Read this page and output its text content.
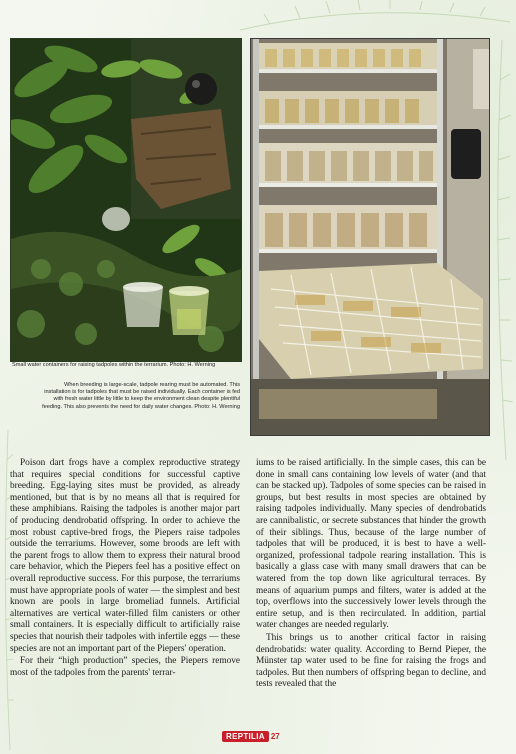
Small water containers for raising tadpoles within the terrarium. Photo: H. Werning
When breeding is large-scale, tadpole rearing must be automated. This installation is for tadpoles that must be raised individually. Each container is fed with fresh water little by little to keep the environment clean despite plentiful feeding. This also prevents the need for daily water changes. Photo: H. Werning

Poison dart frogs have a complex reproductive strategy that requires special conditions for successful captive breeding. Egg-laying sites must be provided, as already mentioned, but that is by no means all that is required for these amphibians. Raising the tadpoles is another major part of producing dendrobatid offspring. In order to achieve the most robust captive-bred frogs, the Piepers raise tadpoles outside the terrariums. However, some broods are left with the parent frogs to allow them to express their natural brood care behavior, which the Piepers feel has a positive effect on overall reproductive success. For this purpose, the terrariums must have appropriate pools of water — the simplest and best known are pools in large bromeliad funnels. Artificial alternatives are vertical water-filled film canisters or other small containers. It is especially difficult to artificially raise species that nourish their tadpoles with infertile eggs — these species are not an important part of the Piepers' operation.

For their “high production” species, the Piepers remove most of the tadpoles from the parents' terrar-

iums to be raised artificially. In the simple cases, this can be done in small cans containing low levels of water (and that can be stacked up). Tadpoles of some species can be raised in groups, but best results in most species are obtained by raising tadpoles individually. Many species of dendrobatids are cannibalistic, or secrete substances that hinder the growth of their siblings. Thus, because of the large number of tadpoles that will be produced, it is best to have a well-organized, professional tadpole rearing installation. This is basically a glass case with many small drawers that can be watered from the top down like agricultural terraces. By means of aquarium pumps and filters, water is added at the top, overflows into the successively lower levels through the entire setup, and is then recirculated. In addition, partial water changes are needed regularly.

This brings us to another critical factor in raising dendrobatids: water quality. According to Bernd Pieper, the Münster tap water used to be fine for raising the frogs and tadpoles. But then numbers of offspring began to decline, and tests revealed that the

REPTILIA 27
